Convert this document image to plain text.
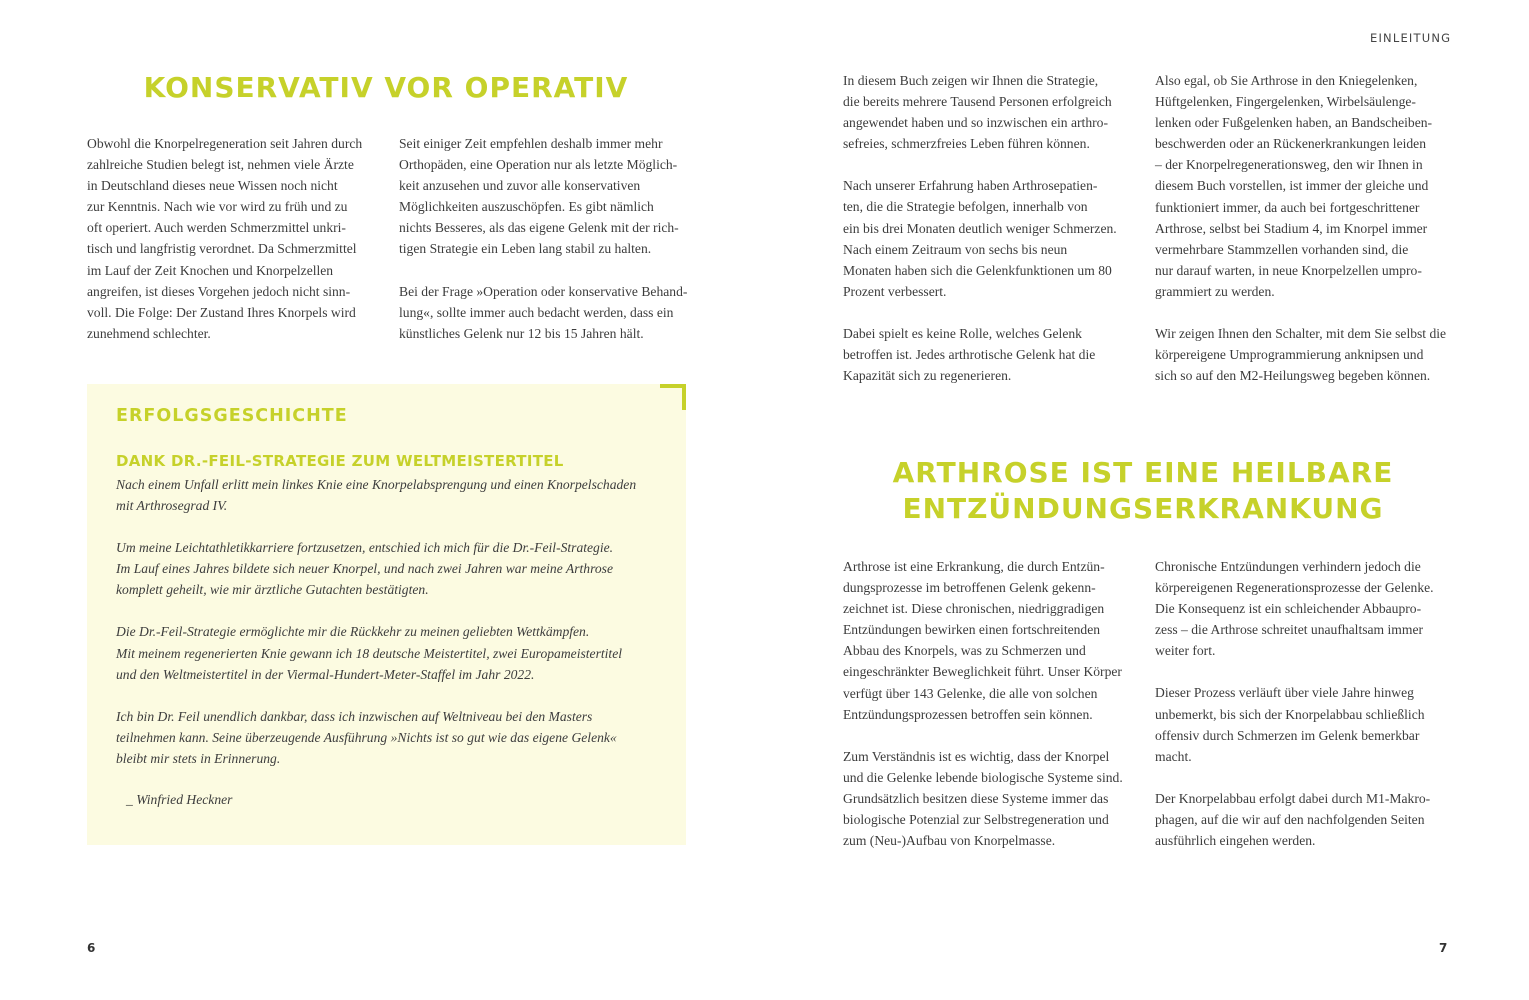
EINLEITUNG
KONSERVATIV VOR OPERATIV

Obwohl die Knorpelregeneration seit Jahren durch
zahlreiche Studien belegt ist, nehmen viele Ärzte
in Deutschland dieses neue Wissen noch nicht
zur Kenntnis. Nach wie vor wird zu früh und zu
oft operiert. Auch werden Schmerzmittel unkri-
tisch und langfristig verordnet. Da Schmerzmittel
im Lauf der Zeit Knochen und Knorpelzellen
angreifen, ist dieses Vorgehen jedoch nicht sinn-
voll. Die Folge: Der Zustand Ihres Knorpels wird
zunehmend schlechter.

Seit einiger Zeit empfehlen deshalb immer mehr
Orthopäden, eine Operation nur als letzte Möglich-
keit anzusehen und zuvor alle konservativen
Möglichkeiten auszuschöpfen. Es gibt nämlich
nichts Besseres, als das eigene Gelenk mit der rich-
tigen Strategie ein Leben lang stabil zu halten.

Bei der Frage »Operation oder konservative Behand-
lung«, sollte immer auch bedacht werden, dass ein
künstliches Gelenk nur 12 bis 15 Jahren hält.

ERFOLGSGESCHICHTE
DANK DR.-FEIL-STRATEGIE ZUM WELTMEISTERTITEL

Nach einem Unfall erlitt mein linkes Knie eine Knorpelabsprengung und einen Knorpelschaden
mit Arthrosegrad IV.

Um meine Leichtathletikkarriere fortzusetzen, entschied ich mich für die Dr.-Feil-Strategie.
Im Lauf eines Jahres bildete sich neuer Knorpel, und nach zwei Jahren war meine Arthrose
komplett geheilt, wie mir ärztliche Gutachten bestätigten.

Die Dr.-Feil-Strategie ermöglichte mir die Rückkehr zu meinen geliebten Wettkämpfen.
Mit meinem regenerierten Knie gewann ich 18 deutsche Meistertitel, zwei Europameistertitel
und den Weltmeistertitel in der Viermal-Hundert-Meter-Staffel im Jahr 2022.

Ich bin Dr. Feil unendlich dankbar, dass ich inzwischen auf Weltniveau bei den Masters
teilnehmen kann. Seine überzeugende Ausführung »Nichts ist so gut wie das eigene Gelenk«
bleibt mir stets in Erinnerung.

_ Winfried Heckner

In diesem Buch zeigen wir Ihnen die Strategie,
die bereits mehrere Tausend Personen erfolgreich
angewendet haben und so inzwischen ein arthro-
sefreies, schmerzfreies Leben führen können.

Nach unserer Erfahrung haben Arthrosepatien-
ten, die die Strategie befolgen, innerhalb von
ein bis drei Monaten deutlich weniger Schmerzen.
Nach einem Zeitraum von sechs bis neun
Monaten haben sich die Gelenkfunktionen um 80
Prozent verbessert.

Dabei spielt es keine Rolle, welches Gelenk
betroffen ist. Jedes arthrotische Gelenk hat die
Kapazität sich zu regenerieren.

Also egal, ob Sie Arthrose in den Kniegelenken,
Hüftgelenken, Fingergelenken, Wirbelsäulenge-
lenken oder Fußgelenken haben, an Bandscheiben-
beschwerden oder an Rückenerkrankungen leiden
– der Knorpelregenerationsweg, den wir Ihnen in
diesem Buch vorstellen, ist immer der gleiche und
funktioniert immer, da auch bei fortgeschrittener
Arthrose, selbst bei Stadium 4, im Knorpel immer
vermehrbare Stammzellen vorhanden sind, die
nur darauf warten, in neue Knorpelzellen umpro-
grammiert zu werden.

Wir zeigen Ihnen den Schalter, mit dem Sie selbst die
körpereigene Umprogrammierung anknipsen und
sich so auf den M2-Heilungsweg begeben können.

ARTHROSE IST EINE HEILBARE
ENTZÜNDUNGSERKRANKUNG

Arthrose ist eine Erkrankung, die durch Entzün-
dungsprozesse im betroffenen Gelenk gekenn-
zeichnet ist. Diese chronischen, niedriggradigen
Entzündungen bewirken einen fortschreitenden
Abbau des Knorpels, was zu Schmerzen und
eingeschränkter Beweglichkeit führt. Unser Körper
verfügt über 143 Gelenke, die alle von solchen
Entzündungsprozessen betroffen sein können.

Zum Verständnis ist es wichtig, dass der Knorpel
und die Gelenke lebende biologische Systeme sind.
Grundsätzlich besitzen diese Systeme immer das
biologische Potenzial zur Selbstregeneration und
zum (Neu-)Aufbau von Knorpelmasse.

Chronische Entzündungen verhindern jedoch die
körpereigenen Regenerationsprozesse der Gelenke.
Die Konsequenz ist ein schleichender Abbaupro-
zess – die Arthrose schreitet unaufhaltsam immer
weiter fort.

Dieser Prozess verläuft über viele Jahre hinweg
unbemerkt, bis sich der Knorpelabbau schließlich
offensiv durch Schmerzen im Gelenk bemerkbar
macht.

Der Knorpelabbau erfolgt dabei durch M1-Makro-
phagen, auf die wir auf den nachfolgenden Seiten
ausführlich eingehen werden.

6	7
